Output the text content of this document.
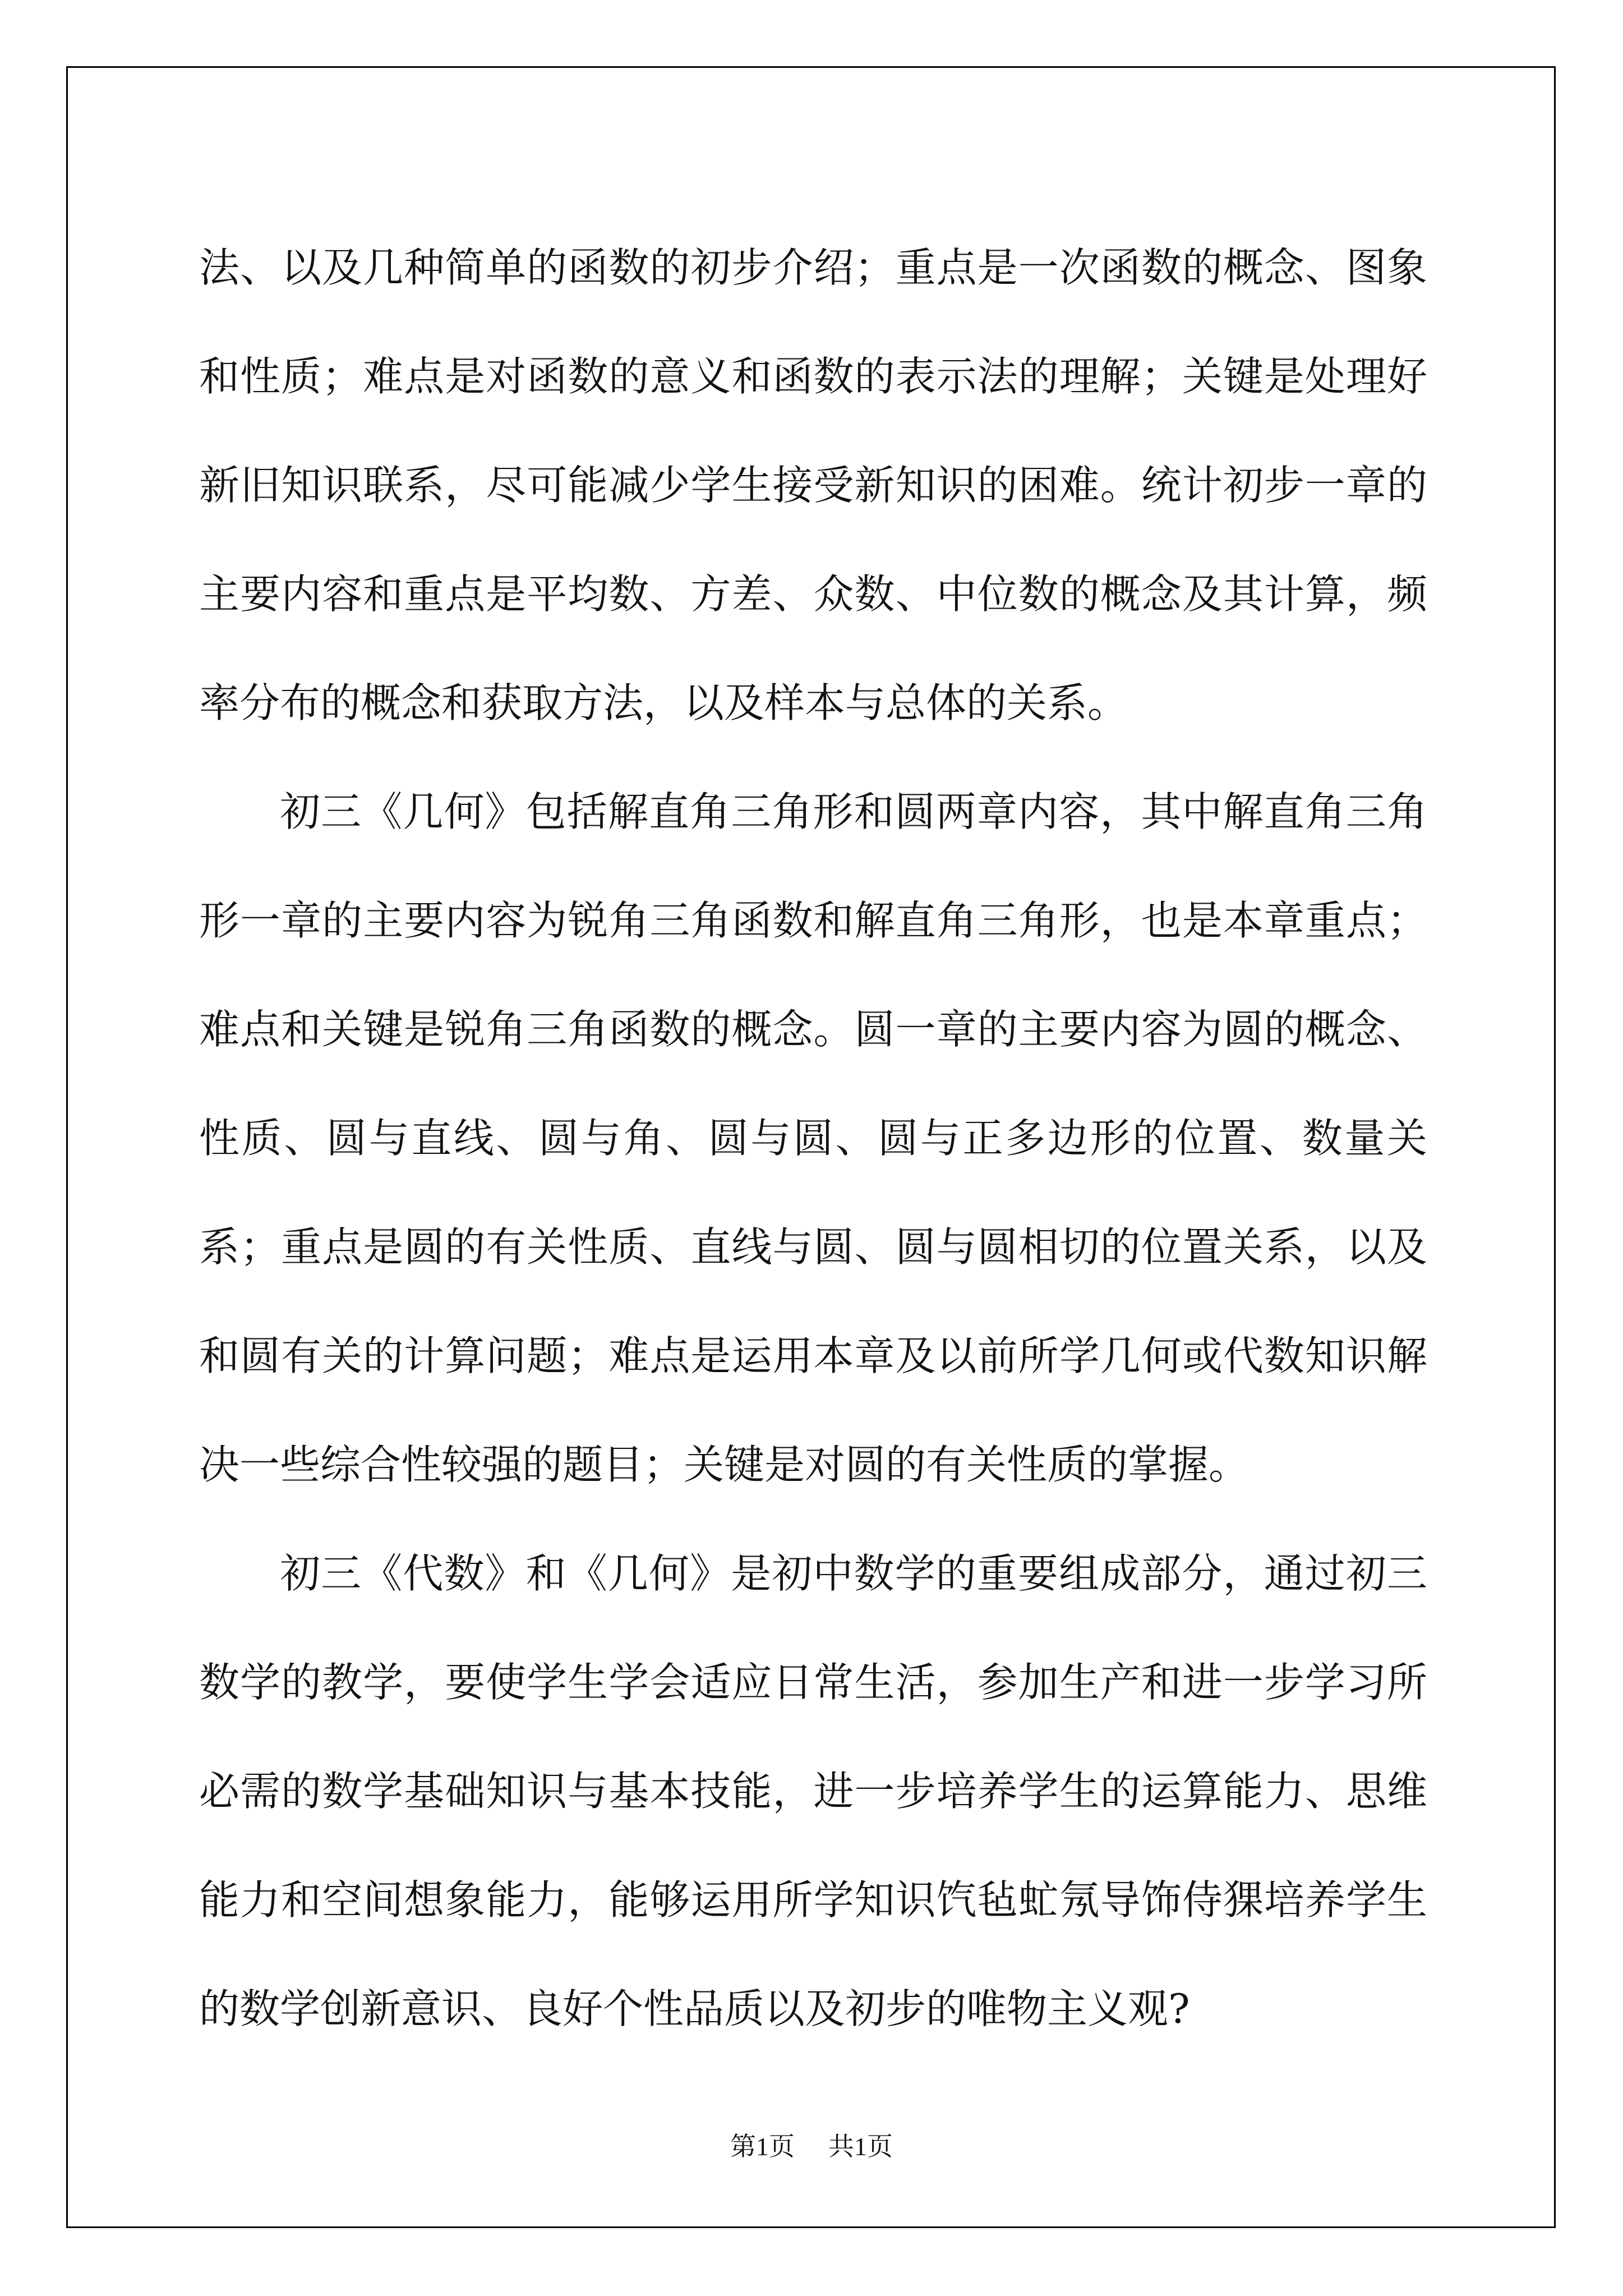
法、以及几种简单的函数的初步介绍；重点是一次函数的概念、图象和性质；难点是对函数的意义和函数的表示法的理解；关键是处理好新旧知识联系，尽可能减少学生接受新知识的困难。统计初步一章的主要内容和重点是平均数、方差、众数、中位数的概念及其计算，频率分布的概念和获取方法，以及样本与总体的关系。

初三《几何》包括解直角三角形和圆两章内容，其中解直角三角形一章的主要内容为锐角三角函数和解直角三角形，也是本章重点；难点和关键是锐角三角函数的概念。圆一章的主要内容为圆的概念、性质、圆与直线、圆与角、圆与圆、圆与正多边形的位置、数量关系；重点是圆的有关性质、直线与圆、圆与圆相切的位置关系，以及和圆有关的计算问题；难点是运用本章及以前所学几何或代数知识解决一些综合性较强的题目；关键是对圆的有关性质的掌握。

初三《代数》和《几何》是初中数学的重要组成部分，通过初三数学的教学，要使学生学会适应日常生活，参加生产和进一步学习所必需的数学基础知识与基本技能，进一步培养学生的运算能力、思维能力和空间想象能力，能够运用所学知识饩毡虻氖导饰侍猓培养学生的数学创新意识、良好个性品质以及初步的唯物主义观?

第1页 共1页
